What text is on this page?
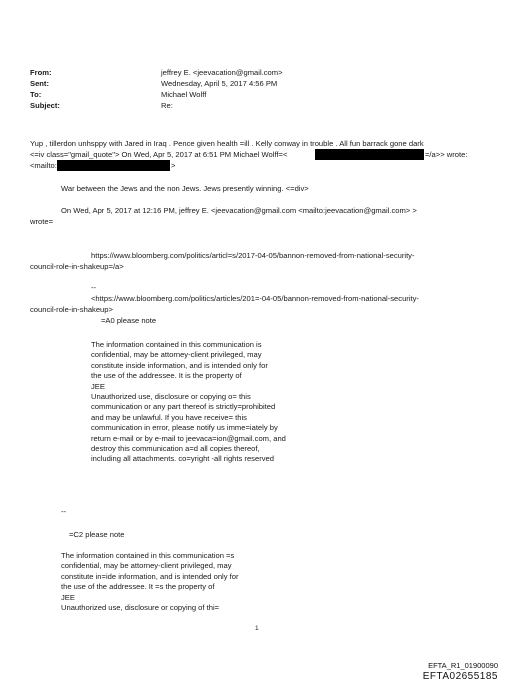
From:	jeffrey E. <jeevacation@gmail.com>
Sent:	Wednesday, April 5, 2017 4:56 PM
To:	Michael Wolff
Subject:	Re:
Yup , tillerdon unhsppy with Jared in Iraq . Pence given health =ill . Kelly conway in trouble . All fun barrack gone dark
<=iv class="gmail_quote"> On Wed, Apr 5, 2017 at 6:51 PM Michael Wolff=<	=/a>> wrote:
<mailto:	>
War between the Jews and the non Jews. Jews presently winning. <=div>
On Wed, Apr 5, 2017 at 12:16 PM, jeffrey E. <jeevacation@gmail.com <mailto:jeevacation@gmail.com> >
wrote=
https://www.bloomberg.com/politics/articl=s/2017-04-05/bannon-removed-from-national-security-
council-role-in-shakeup=/a>
--
<https://www.bloomberg.com/politics/articles/201=-04-05/bannon-removed-from-national-security-
council-role-in-shakeup>
=A0 please note
The information contained in this communication is
confidential, may be attorney-client privileged, may
constitute inside information, and is intended only for
the use of the addressee. It is the property of
JEE
Unauthorized use, disclosure or copying o= this
communication or any part thereof is strictly=prohibited
and may be unlawful. If you have receive= this
communication in error, please notify us imme=iately by
return e-mail or by e-mail to jeevaca=ion@gmail.com, and
destroy this communication a=d all copies thereof,
including all attachments. co=yright -all rights reserved
--
=C2 please note
The information contained in this communication =s
confidential, may be attorney-client privileged, may
constitute in=ide information, and is intended only for
the use of the addressee. It =s the property of
JEE
Unauthorized use, disclosure or copying of thi=
1
EFTA_R1_01900090
EFTA02655185
